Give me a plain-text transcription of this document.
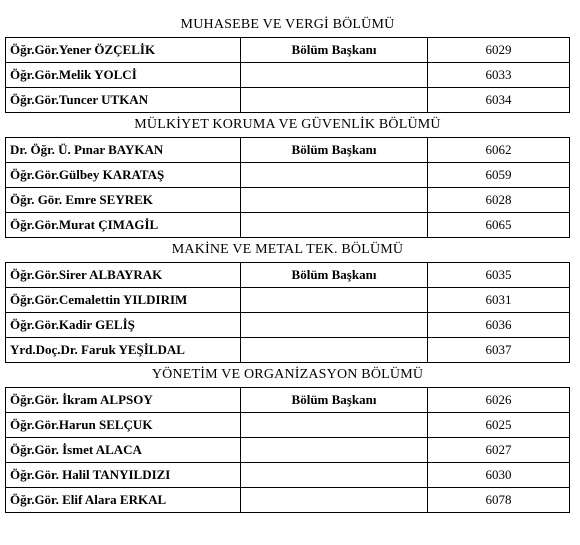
MUHASEBE VE VERGİ BÖLÜMÜ
Öğr.Gör.Yener ÖZÇELİK	Bölüm Başkanı	6029
Öğr.Gör.Melik YOLCİ		6033
Öğr.Gör.Tuncer UTKAN		6034
MÜLKİYET KORUMA VE GÜVENLİK BÖLÜMÜ
Dr. Öğr. Ü. Pınar BAYKAN	Bölüm Başkanı	6062
Öğr.Gör.Gülbey KARATAŞ		6059
Öğr. Gör. Emre SEYREK		6028
Öğr.Gör.Murat ÇIMAGİL		6065
MAKİNE VE METAL TEK. BÖLÜMÜ
Öğr.Gör.Sirer ALBAYRAK	Bölüm Başkanı	6035
Öğr.Gör.Cemalettin YILDIRIM		6031
Öğr.Gör.Kadir GELİŞ		6036
Yrd.Doç.Dr. Faruk YEŞİLDAL		6037
YÖNETİM VE ORGANİZASYON BÖLÜMÜ
Öğr.Gör. İkram ALPSOY	Bölüm Başkanı	6026
Öğr.Gör.Harun SELÇUK		6025
Öğr.Gör. İsmet ALACA		6027
Öğr.Gör. Halil TANYILDIZI		6030
Öğr.Gör. Elif Alara ERKAL		6078
